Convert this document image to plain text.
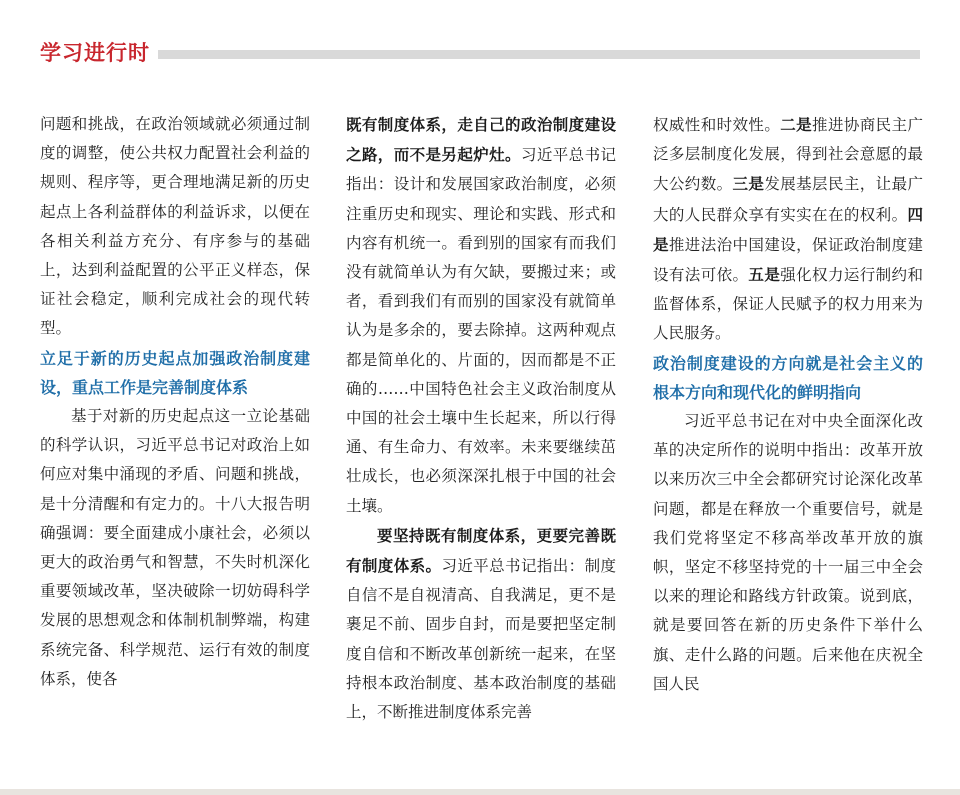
学习进行时

问题和挑战，在政治领域就必须通过制度的调整，使公共权力配置社会利益的规则、程序等，更合理地满足新的历史起点上各利益群体的利益诉求，以便在各相关利益方充分、有序参与的基础上，达到利益配置的公平正义样态，保证社会稳定，顺利完成社会的现代转型。

立足于新的历史起点加强政治制度建设，重点工作是完善制度体系

基于对新的历史起点这一立论基础的科学认识，习近平总书记对政治上如何应对集中涌现的矛盾、问题和挑战，是十分清醒和有定力的。十八大报告明确强调：要全面建成小康社会，必须以更大的政治勇气和智慧，不失时机深化重要领域改革，坚决破除一切妨碍科学发展的思想观念和体制机制弊端，构建系统完备、科学规范、运行有效的制度体系，使各

既有制度体系，走自己的政治制度建设之路，而不是另起炉灶。习近平总书记指出：设计和发展国家政治制度，必须注重历史和现实、理论和实践、形式和内容有机统一。看到别的国家有而我们没有就简单认为有欠缺，要搬过来；或者，看到我们有而别的国家没有就简单认为是多余的，要去除掉。这两种观点都是简单化的、片面的，因而都是不正确的……中国特色社会主义政治制度从中国的社会土壤中生长起来，所以行得通、有生命力、有效率。未来要继续茁壮成长，也必须深深扎根于中国的社会土壤。

要坚持既有制度体系，更要完善既有制度体系。习近平总书记指出：制度自信不是自视清高、自我满足，更不是裹足不前、固步自封，而是要把坚定制度自信和不断改革创新统一起来，在坚持根本政治制度、基本政治制度的基础上，不断推进制度体系完善

权威性和时效性。二是推进协商民主广泛多层制度化发展，得到社会意愿的最大公约数。三是发展基层民主，让最广大的人民群众享有实实在在的权利。四是推进法治中国建设，保证政治制度建设有法可依。五是强化权力运行制约和监督体系，保证人民赋予的权力用来为人民服务。

政治制度建设的方向就是社会主义的根本方向和现代化的鲜明指向

习近平总书记在对中央全面深化改革的决定所作的说明中指出：改革开放以来历次三中全会都研究讨论深化改革问题，都是在释放一个重要信号，就是我们党将坚定不移高举改革开放的旗帜，坚定不移坚持党的十一届三中全会以来的理论和路线方针政策。说到底，就是要回答在新的历史条件下举什么旗、走什么路的问题。后来他在庆祝全国人民
